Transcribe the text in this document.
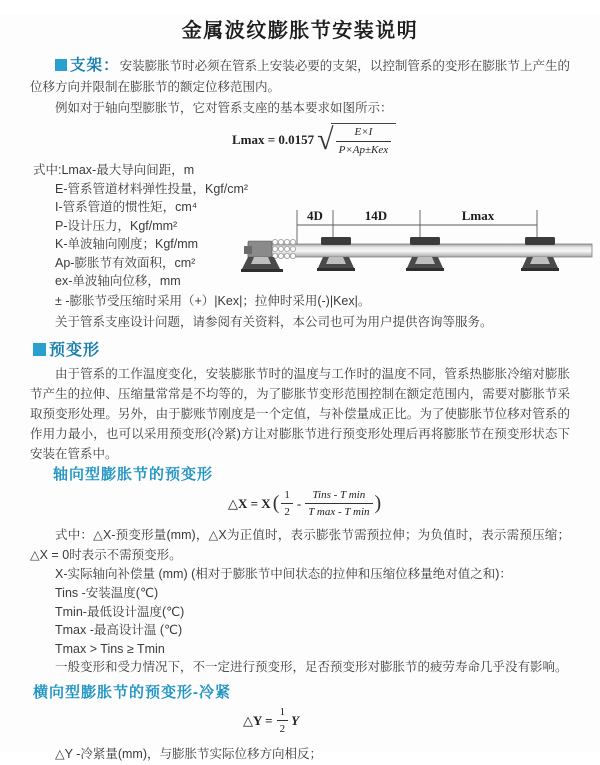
金属波纹膨胀节安装说明

支架：安装膨胀节时必须在管系上安装必要的支架，以控制管系的变形在膨胀节上产生的位移方向并限制在膨胀节的额定位移范围内。

例如对于轴向型膨胀节，它对管系支座的基本要求如图所示：

Lmax = 0.0157 √ $\frac{E\times I}{\text{P×Ap±Kex}}$
式中:Lmax-最大导向间距，m
E-管系管道材料弹性投量，Kgf/cm²
I-管系管道的惯性矩，cm⁴
P-设计压力，Kgf/mm²
K-单波轴向刚度；Kgf/mm
Ap-膨胀节有效面积，cm²
ex-单波轴向位移，mm
4D	14D	Lmax

± -膨胀节受压缩时采用（+）|Kex|；拉伸时采用(-)|Kex|。

关于管系支座设计问题，请参阅有关资料，本公司也可为用户提供咨询等服务。

预变形

由于管系的工作温度变化，安装膨胀节时的温度与工作时的温度不同，管系热膨胀冷缩对膨胀节产生的拉伸、压缩量常常是不均等的，为了膨胀节变形范围控制在额定范围内，需要对膨胀节采取预变形处理。另外，由于膨账节刚度是一个定值，与补偿量成正比。为了使膨胀节位移对管系的作用力最小，也可以采用预变形(冷紧)方让对膨胀节进行预变形处理后再将膨胀节在预变形状态下安装在管系中。

轴向型膨胀节的预变形
△X = X ( $\frac{1}{2} - \frac{\text{Tins - T min}}{\text{T max - T min}}$ )

式中：△X-预变形量(mm)，△X为正值时，表示膨张节需预拉伸；为负值时，表示需预压缩；△X = 0时表示不需预变形。

X-实际轴向补偿量 (mm) (相对于膨胀节中间状态的拉伸和压缩位移量绝对值之和)：

Tins -安装温度(℃)
Tmin-最低设计温度(℃)
Tmax -最高设计温 (℃)
Tmax > Tins ≥ Tmin

一般变形和受力情况下，不一定进行预变形，足否预变形对膨胀节的疲劳寿命几乎没有影响。

横向型膨胀节的预变形-冷紧
△Y = $\frac{1}{2}$ Y

△Y -冷紧量(mm)，与膨胀节实际位移方向相反；
